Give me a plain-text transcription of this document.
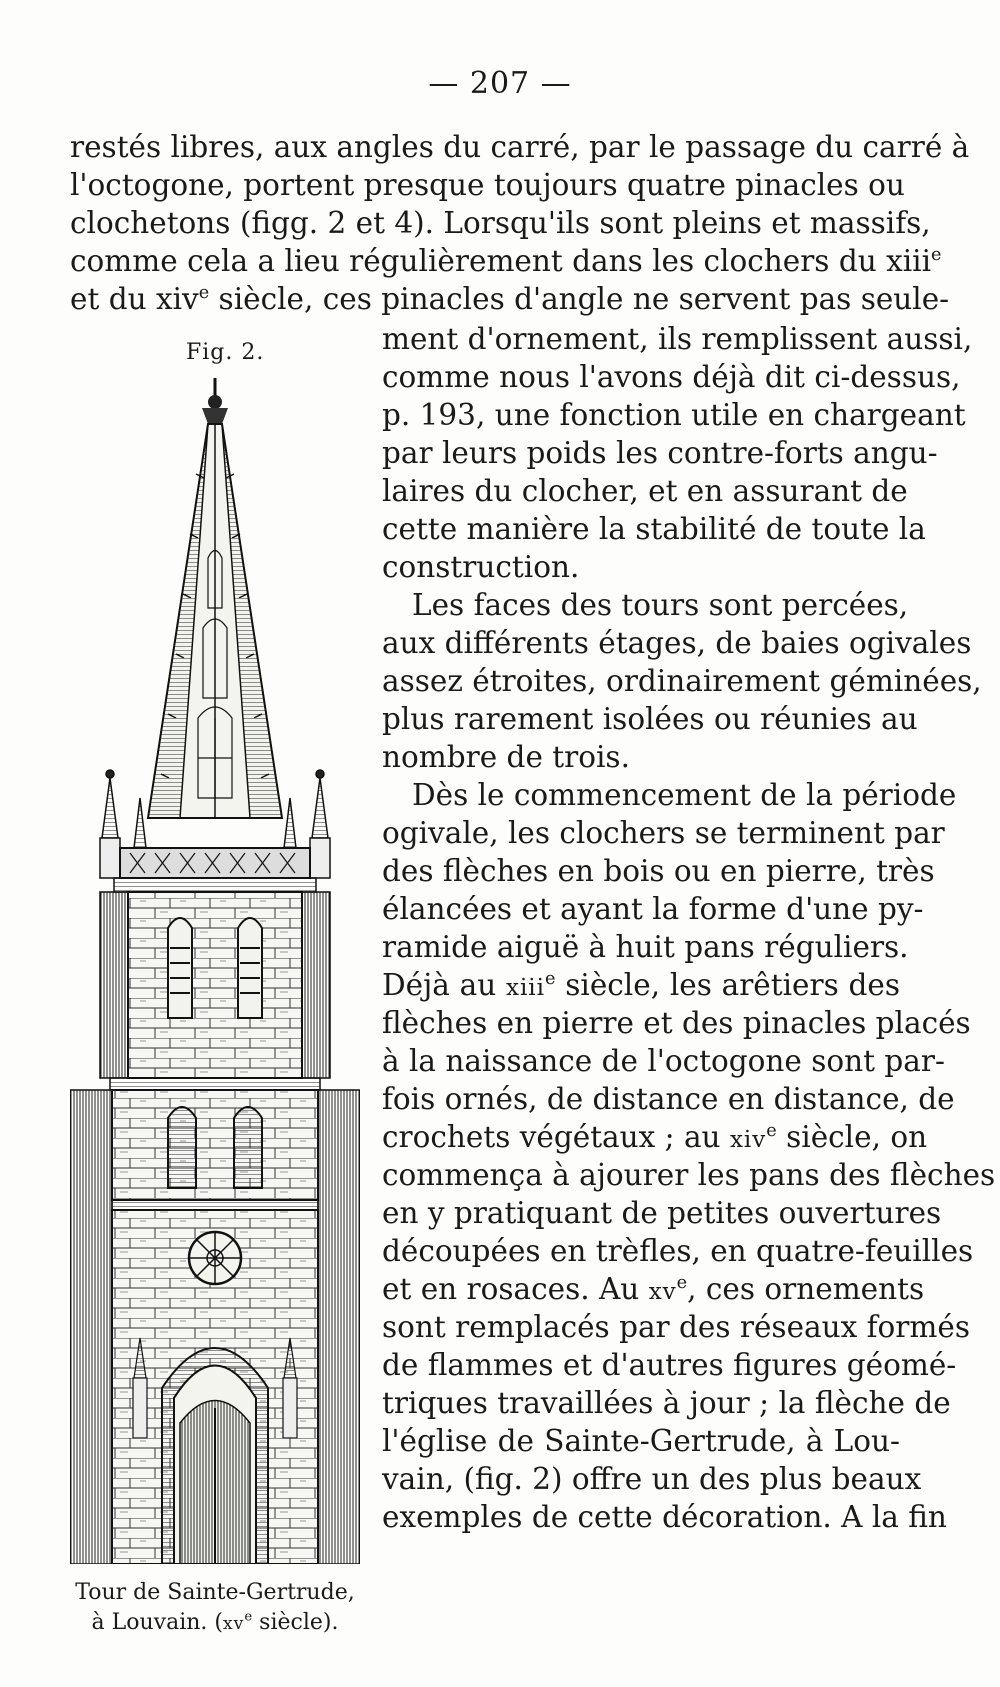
— 207 —
restés libres, aux angles du carré, par le passage du carré à
l'octogone, portent presque toujours quatre pinacles ou
clochetons (figg. 2 et 4). Lorsqu'ils sont pleins et massifs,
comme cela a lieu régulièrement dans les clochers du xiii$^e$
et du xiv$^e$ siècle, ces pinacles d'angle ne servent pas seule-
Fig. 2.	ment d'ornement, ils remplissent aussi,
comme nous l'avons déjà dit ci-dessus,
p. 193, une fonction utile en chargeant
par leurs poids les contre-forts angu-
laires du clocher, et en assurant de
cette manière la stabilité de toute la
construction.
Les faces des tours sont percées,
aux différents étages, de baies ogivales
assez étroites, ordinairement géminées,
plus rarement isolées ou réunies au
nombre de trois.
Dès le commencement de la période
ogivale, les clochers se terminent par
des flèches en bois ou en pierre, très
élancées et ayant la forme d'une py-
ramide aiguë à huit pans réguliers.
Déjà au xiii$^e$ siècle, les arêtiers des
flèches en pierre et des pinacles placés
à la naissance de l'octogone sont par-
fois ornés, de distance en distance, de
crochets végétaux ; au xiv$^e$ siècle, on
commença à ajourer les pans des flèches
en y pratiquant de petites ouvertures
découpées en trèfles, en quatre-feuilles
et en rosaces. Au $xv^e$, ces ornements
sont remplacés par des réseaux formés
de flammes et d'autres figures géomé-
triques travaillées à jour ; la flèche de
l'église de Sainte-Gertrude, à Lou-
vain, (fig. 2) offre un des plus beaux
exemples de cette décoration. A la fin
Tour de Sainte-Gertrude,
à Louvain. ($xv^e$ siècle).
